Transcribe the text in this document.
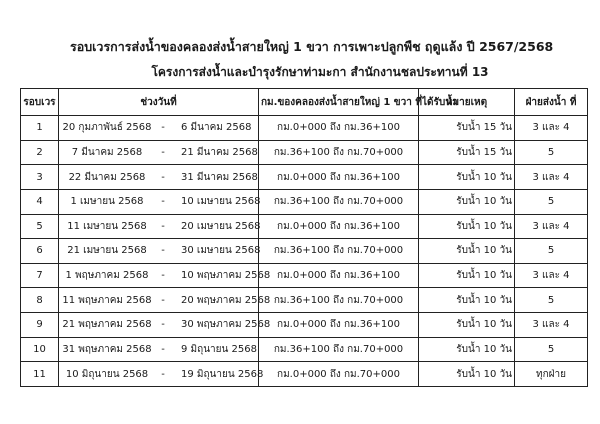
รอบเวรการส่งน้ำของคลองส่งน้ำสายใหญ่ 1 ขวา การเพาะปลูกพืช ฤดูแล้ง ปี 2567/2568
โครงการส่งน้ำและบำรุงรักษาท่ามะกา สำนักงานชลประทานที่ 13
รอบเวร	ช่วงวันที่	กม.ของคลองส่งน้ำสายใหญ่ 1 ขวา ที่ได้รับน้ำ	หมายเหตุ	ฝ่ายส่งน้ำ ที่
1	20 กุมภาพันธ์ 2568 - 6 มีนาคม 2568	กม.0+000 ถึง กม.36+100	รับน้ำ 15 วัน	3 และ 4
2	7 มีนาคม 2568 - 21 มีนาคม 2568	กม.36+100 ถึง กม.70+000	รับน้ำ 15 วัน	5
3	22 มีนาคม 2568 - 31 มีนาคม 2568	กม.0+000 ถึง กม.36+100	รับน้ำ 10 วัน	3 และ 4
4	1 เมษายน 2568 - 10 เมษายน 2568	กม.36+100 ถึง กม.70+000	รับน้ำ 10 วัน	5
5	11 เมษายน 2568 - 20 เมษายน 2568	กม.0+000 ถึง กม.36+100	รับน้ำ 10 วัน	3 และ 4
6	21 เมษายน 2568 - 30 เมษายน 2568	กม.36+100 ถึง กม.70+000	รับน้ำ 10 วัน	5
7	1 พฤษภาคม 2568 - 10 พฤษภาคม 2568	กม.0+000 ถึง กม.36+100	รับน้ำ 10 วัน	3 และ 4
8	11 พฤษภาคม 2568 - 20 พฤษภาคม 2568	กม.36+100 ถึง กม.70+000	รับน้ำ 10 วัน	5
9	21 พฤษภาคม 2568 - 30 พฤษภาคม 2568	กม.0+000 ถึง กม.36+100	รับน้ำ 10 วัน	3 และ 4
10	31 พฤษภาคม 2568 - 9 มิถุนายน 2568	กม.36+100 ถึง กม.70+000	รับน้ำ 10 วัน	5
11	10 มิถุนายน 2568 - 19 มิถุนายน 2568	กม.0+000 ถึง กม.70+000	รับน้ำ 10 วัน	ทุกฝ่าย
